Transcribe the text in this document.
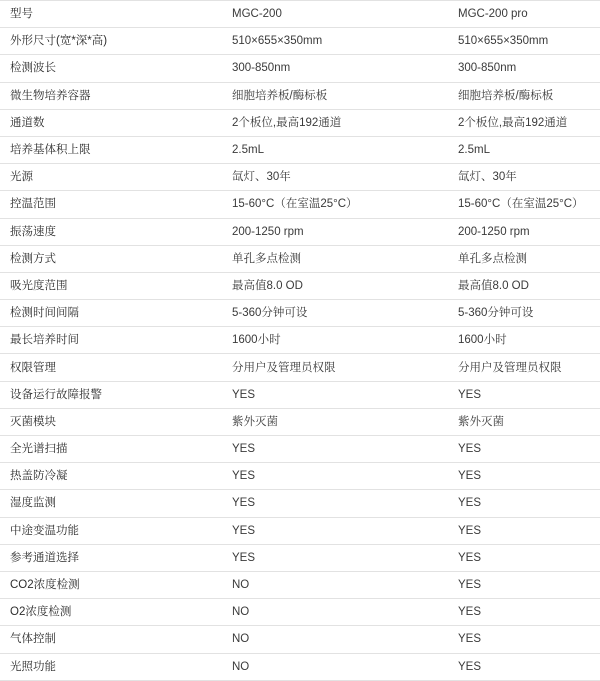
型号	MGC-200	MGC-200 pro
外形尺寸(宽*深*高)	510×655×350mm	510×655×350mm
检测波长	300-850nm	300-850nm
微生物培养容器	细胞培养板/酶标板	细胞培养板/酶标板
通道数	2个板位,最高192通道	2个板位,最高192通道
培养基体积上限	2.5mL	2.5mL
光源	氙灯、30年	氙灯、30年
控温范围	15-60°C（在室温25°C）	15-60°C（在室温25°C）
振荡速度	200-1250 rpm	200-1250 rpm
检测方式	单孔多点检测	单孔多点检测
吸光度范围	最高值8.0 OD	最高值8.0 OD
检测时间间隔	5-360分钟可设	5-360分钟可设
最长培养时间	1600小时	1600小时
权限管理	分用户及管理员权限	分用户及管理员权限
设备运行故障报警	YES	YES
灭菌模块	紫外灭菌	紫外灭菌
全光谱扫描	YES	YES
热盖防冷凝	YES	YES
湿度监测	YES	YES
中途变温功能	YES	YES
参考通道选择	YES	YES
CO2浓度检测	NO	YES
O2浓度检测	NO	YES
气体控制	NO	YES
光照功能	NO	YES
